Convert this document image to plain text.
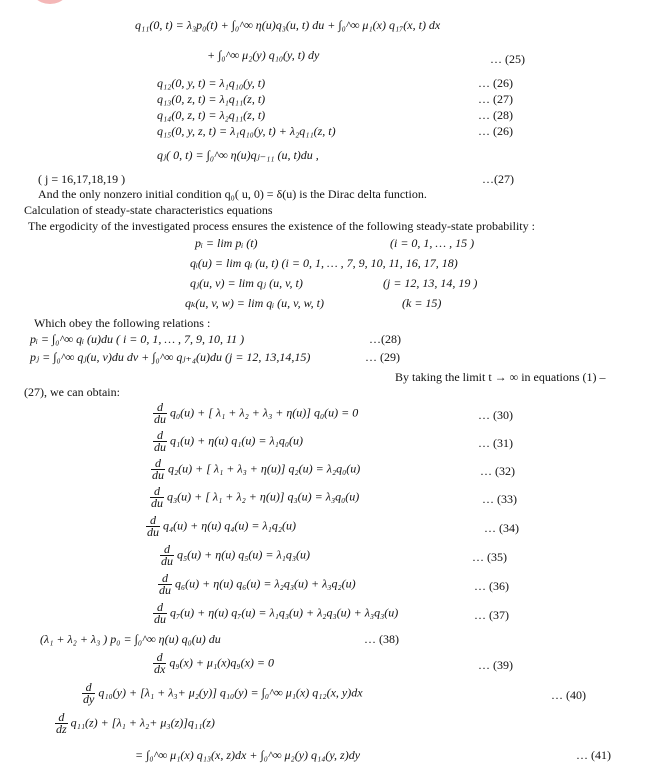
q₁₁(0, t) = λ₃p₀(t) + ∫₀^∞ η(u)q₃(u, t) du + ∫₀^∞ μ₁(x) q₁₇(x, t) dx
+ ∫₀^∞ μ₂(y) q₁₀(y, t) dy	… (25)
q₁₂(0, y, t) = λ₁q₁₀(y, t)	… (26)
q₁₃(0, z, t) = λ₁q₁₁(z, t)	… (27)
q₁₄(0, z, t) = λ₂q₁₁(z, t)	… (28)
q₁₅(0, y, z, t) = λ₁q₁₀(y, t) + λ₂q₁₁(z, t)	… (26)
qⱼ( 0, t) = ∫₀^∞ η(u)qⱼ₋₁₁ (u, t)du ,
( j = 16,17,18,19 )	…(27)
And the only nonzero initial condition q₀( u, 0) = δ(u) is the Dirac delta function.
Calculation of steady-state characteristics equations
The ergodicity of the investigated process ensures the existence of the following steady-state probability :
pᵢ = lim pᵢ (t)	(i = 0, 1, … , 15 )
qᵢ(u) = lim qᵢ (u, t) (i = 0, 1, … , 7, 9, 10, 11, 16, 17, 18)
qⱼ(u, v) = lim qⱼ (u, v, t)	(j = 12, 13, 14, 19 )
qₖ(u, v, w) = lim qᵢ (u, v, w, t)	(k = 15)
Which obey the following relations :
pᵢ = ∫₀^∞ qᵢ (u)du ( i = 0, 1, … , 7, 9, 10, 11 )	…(28)
pⱼ = ∫₀^∞ qⱼ(u, v)du dv + ∫₀^∞ qⱼ₊₄(u)du (j = 12, 13,14,15)	… (29)
By taking the limit t → ∞ in equations (1) –
(27), we can obtain:
$\frac{d}{du} q_0(u)$ + [ λ₁ + λ₂ + λ₃ + η(u)] q₀(u) = 0	… (30)
$\frac{d}{du} q_1(u) + \eta(u) q_1(u) = \lambda_1q_0(u)$	… (31)
$\frac{d}{du} q_2(u)$ + [ λ₁ + λ₃ + η(u)] q₂(u) = λ₂q₀(u)	… (32)
$\frac{d}{du} q_3(u)$ + [ λ₁ + λ₂ + η(u)] q₃(u) = λ₃q₀(u)	… (33)
$\frac{d}{du} q_4(u) + \eta(u) q_4(u) = \lambda_1q_2(u)$	… (34)
$\frac{d}{du} q_5(u) + \eta(u) q_5(u) = \lambda_1q_3(u)$	… (35)
$\frac{d}{du} q_6(u) + \eta(u) q_6(u) = \lambda_2q_3(u) + \lambda_3q_2(u)$	… (36)
$\frac{d}{du} q_7(u) + \eta(u) q_7(u) = \lambda_1q_3(u) + \lambda_2q_3(u) + \lambda_3q_3(u)$	… (37)
(λ₁ + λ₂ + λ₃ ) p₀ = ∫₀^∞ η(u) q₀(u) du	… (38)
$\frac{d}{dx} q_9(x) + \mu_1(x)q_9(x) = 0$	… (39)
$\frac{d}{dy} q_{10}(y) + [\lambda_1 + \lambda_3+ \mu_2(y)] q_{10}(y)$ = ∫₀^∞ μ₁(x) q₁₂(x, y)dx	… (40)
$\frac{d}{dz} q_{11}(z) + [\lambda_1 + \lambda_2+ \mu_3(z)]q_{11}(z)$
= ∫₀^∞ μ₁(x) q₁₃(x, z)dx + ∫₀^∞ μ₂(y) q₁₄(y, z)dy	… (41)
